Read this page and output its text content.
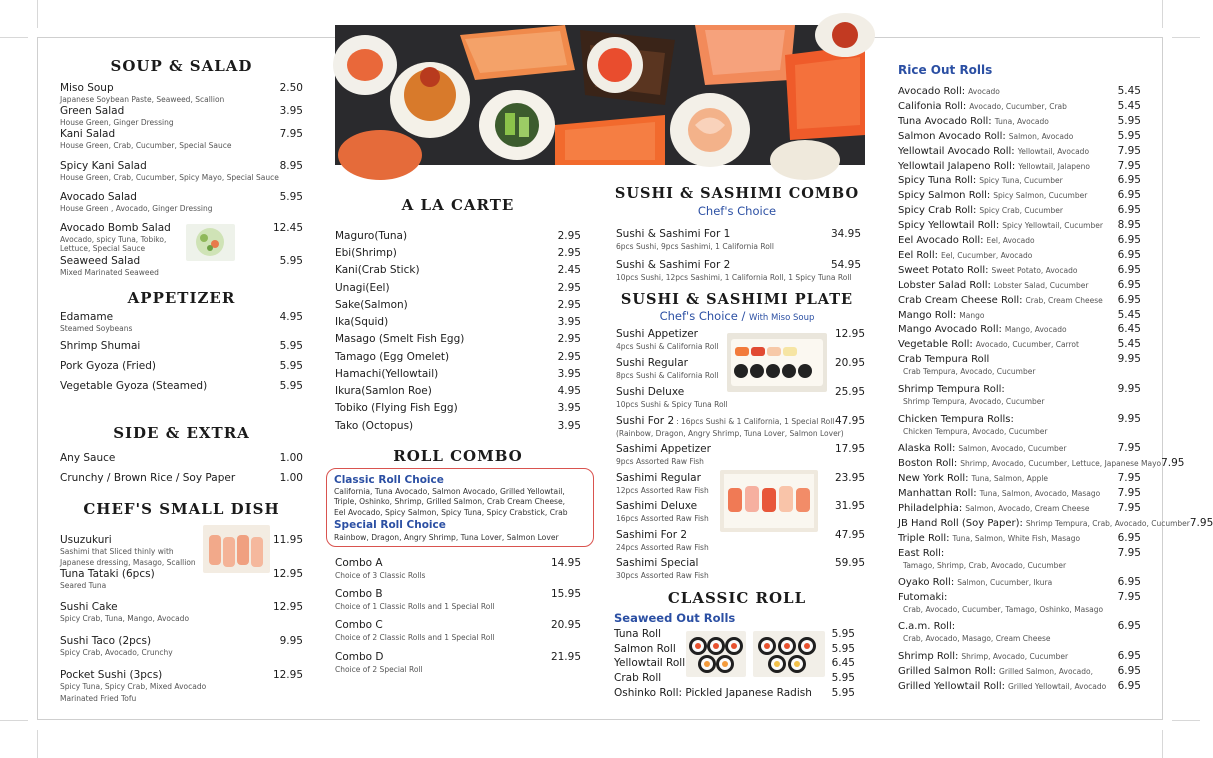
SOUP & SALAD
Miso Soup	2.50
Japanese Soybean Paste, Seaweed, Scallion
Green Salad	3.95
House Green, Ginger Dressing
Kani Salad	7.95
House Green, Crab, Cucumber, Special Sauce
Spicy Kani Salad	8.95
House Green, Crab, Cucumber, Spicy Mayo, Special Sauce
Avocado Salad	5.95
House Green , Avocado, Ginger Dressing
Avocado Bomb Salad	12.45
Avocado, spicy Tuna, Tobiko,
Lettuce, Special Sauce
Seaweed Salad	5.95
Mixed Marinated Seaweed
APPETIZER
Edamame	4.95
Steamed Soybeans
Shrimp Shumai	5.95
Pork Gyoza (Fried)	5.95
Vegetable Gyoza (Steamed)	5.95
SIDE & EXTRA
Any Sauce	1.00
Crunchy / Brown Rice / Soy Paper	1.00
CHEF'S SMALL DISH
Usuzukuri	11.95
Sashimi that Sliced thinly with
Japanese dressing, Masago, Scallion
Tuna Tataki (6pcs)	12.95
Seared Tuna
Sushi Cake	12.95
Spicy Crab, Tuna, Mango, Avocado
Sushi Taco (2pcs)	9.95
Spicy Crab, Avocado, Crunchy
Pocket Sushi (3pcs)	12.95
Spicy Tuna, Spicy Crab, Mixed Avocado
Marinated Fried Tofu
A LA CARTE
Maguro(Tuna)	2.95
Ebi(Shrimp)	2.95
Kani(Crab Stick)	2.45
Unagi(Eel)	2.95
Sake(Salmon)	2.95
Ika(Squid)	3.95
Masago (Smelt Fish Egg)	2.95
Tamago (Egg Omelet)	2.95
Hamachi(Yellowtail)	3.95
Ikura(Samlon Roe)	4.95
Tobiko (Flying Fish Egg)	3.95
Tako (Octopus)	3.95
ROLL COMBO
Classic Roll Choice
California, Tuna Avocado, Salmon Avocado, Grilled Yellowtail,
Triple, Oshinko, Shrimp, Grilled Salmon, Crab Cream Cheese,
Eel Avocado, Spicy Salmon, Spicy Tuna, Spicy Crabstick, Crab
Special Roll Choice
Rainbow, Dragon, Angry Shrimp, Tuna Lover, Salmon Lover
Combo A	14.95
Choice of 3 Classic Rolls
Combo B	15.95
Choice of 1 Classic Rolls and 1 Special Roll
Combo C	20.95
Choice of 2 Classic Rolls and 1 Special Roll
Combo D	21.95
Choice of 2 Special Roll
SUSHI & SASHIMI COMBO
Chef's Choice
Sushi & Sashimi For 1	34.95
6pcs Sushi, 9pcs Sashimi, 1 California Roll
Sushi & Sashimi For 2	54.95
10pcs Sushi, 12pcs Sashimi, 1 California Roll, 1 Spicy Tuna Roll
SUSHI & SASHIMI PLATE
Chef's Choice / With Miso Soup
Sushi Appetizer	12.95
4pcs Sushi & California Roll
Sushi Regular	20.95
8pcs Sushi & California Roll
Sushi Deluxe	25.95
10pcs Sushi & Spicy Tuna Roll
Sushi For 2 : 16pcs Sushi & 1 California, 1 Special Roll 47.95
(Rainbow, Dragon, Angry Shrimp, Tuna Lover, Salmon Lover)
Sashimi Appetizer	17.95
9pcs Assorted Raw Fish
Sashimi Regular	23.95
12pcs Assorted Raw Fish
Sashimi Deluxe	31.95
16pcs Assorted Raw Fish
Sashimi For 2	47.95
24pcs Assorted Raw Fish
Sashimi Special	59.95
30pcs Assorted Raw Fish
CLASSIC ROLL
Seaweed Out Rolls
Tuna Roll	5.95
Salmon Roll	5.95
Yellowtail Roll	6.45
Crab Roll	5.95
Oshinko Roll: Pickled Japanese Radish 5.95
Rice Out Rolls
Avocado Roll: Avocado	5.45
Califonia Roll: Avocado, Cucumber, Crab	5.45
Tuna Avocado Roll: Tuna, Avocado	5.95
Salmon Avocado Roll: Salmon, Avocado	5.95
Yellowtail Avocado Roll: Yellowtail, Avocado	7.95
Yellowtail Jalapeno Roll: Yellowtail, Jalapeno	7.95
Spicy Tuna Roll: Spicy Tuna, Cucumber	6.95
Spicy Salmon Roll: Spicy Salmon, Cucumber	6.95
Spicy Crab Roll: Spicy Crab, Cucumber	6.95
Spicy Yellowtail Roll: Spicy Yellowtail, Cucumber 8.95
Eel Avocado Roll: Eel, Avocado	6.95
Eel Roll: Eel, Cucumber, Avocado	6.95
Sweet Potato Roll: Sweet Potato, Avocado	6.95
Lobster Salad Roll: Lobster Salad, Cucumber	6.95
Crab Cream Cheese Roll: Crab, Cream Cheese 6.95
Mango Roll: Mango	5.45
Mango Avocado Roll: Mango, Avocado	6.45
Vegetable Roll: Avocado, Cucumber, Carrot	5.45
Crab Tempura Roll	9.95
Crab Tempura, Avocado, Cucumber
Shrimp Tempura Roll:	9.95
Shrimp Tempura, Avocado, Cucumber
Chicken Tempura Rolls:	9.95
Chicken Tempura, Avocado, Cucumber
Alaska Roll: Salmon, Avocado, Cucumber	7.95
Boston Roll: Shrimp, Avocado, Cucumber, Lettuce, Japanese Mayo 7.95
New York Roll: Tuna, Salmon, Apple	7.95
Manhattan Roll: Tuna, Salmon, Avocado, Masago 7.95
Philadelphia: Salmon, Avocado, Cream Cheese	7.95
JB Hand Roll (Soy Paper): Shrimp Tempura, Crab, Avocado, Cucumber 7.95
Triple Roll: Tuna, Salmon, White Fish, Masago	6.95
East Roll:	7.95
Tamago, Shrimp, Crab, Avocado, Cucumber
Oyako Roll: Salmon, Cucumber, Ikura	6.95
Futomaki:	7.95
Crab, Avocado, Cucumber, Tamago, Oshinko, Masago
C.a.m. Roll:	6.95
Crab, Avocado, Masago, Cream Cheese
Shrimp Roll: Shrimp, Avocado, Cucumber	6.95
Grilled Salmon Roll: Grilled Salmon, Avocado, 6.95
Grilled Yellowtail Roll: Grilled Yellowtail, Avocado 6.95
